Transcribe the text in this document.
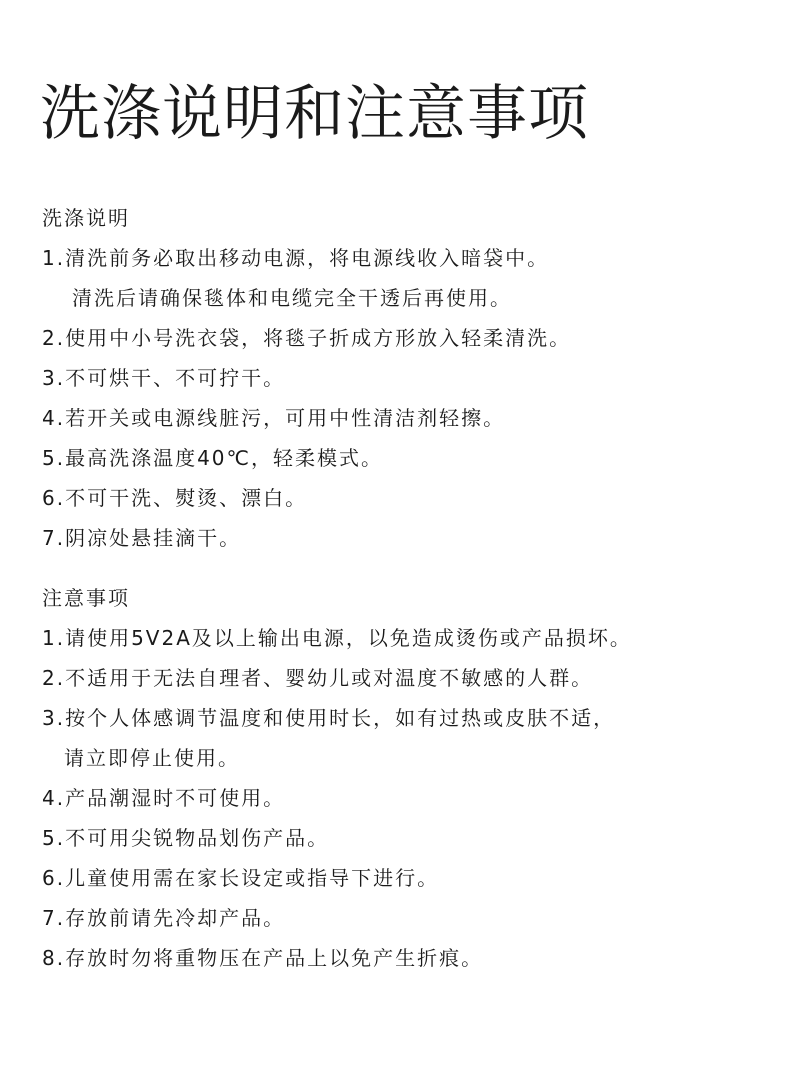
洗涤说明和注意事项
洗涤说明
1.清洗前务必取出移动电源，将电源线收入暗袋中。
清洗后请确保毯体和电缆完全干透后再使用。
2.使用中小号洗衣袋，将毯子折成方形放入轻柔清洗。
3.不可烘干、不可拧干。
4.若开关或电源线脏污，可用中性清洁剂轻擦。
5.最高洗涤温度40℃，轻柔模式。
6.不可干洗、熨烫、漂白。
7.阴凉处悬挂滴干。
注意事项
1.请使用5V2A及以上输出电源，以免造成烫伤或产品损坏。
2.不适用于无法自理者、婴幼儿或对温度不敏感的人群。
3.按个人体感调节温度和使用时长，如有过热或皮肤不适，
请立即停止使用。
4.产品潮湿时不可使用。
5.不可用尖锐物品划伤产品。
6.儿童使用需在家长设定或指导下进行。
7.存放前请先冷却产品。
8.存放时勿将重物压在产品上以免产生折痕。
